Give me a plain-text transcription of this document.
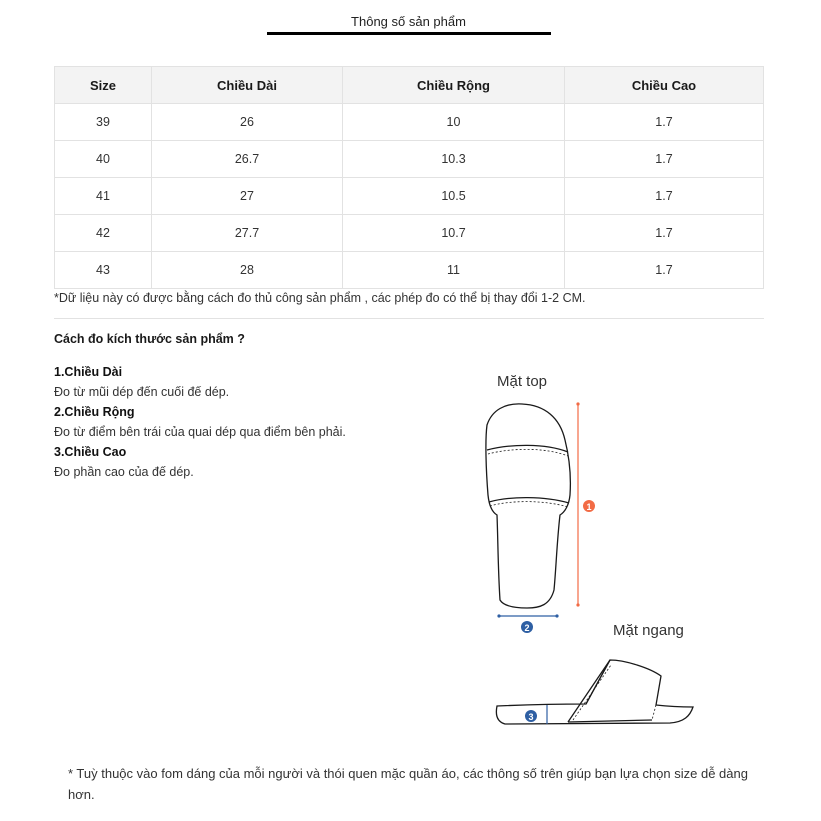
Thông số sản phẩm
Size	Chiều Dài	Chiều Rộng	Chiều Cao
39	26	10	1.7
40	26.7	10.3	1.7
41	27	10.5	1.7
42	27.7	10.7	1.7
43	28	11	1.7
*Dữ liệu này có được bằng cách đo thủ công sản phẩm , các phép đo có thể bị thay đổi 1-2 CM.
Cách đo kích thước sản phẩm ?
1.Chiều Dài
Đo từ mũi dép đến cuối đế dép.
2.Chiều Rộng
Đo từ điểm bên trái của quai dép qua điểm bên phải.
3.Chiều Cao
Đo phần cao của đế dép.
Mặt top
Mặt ngang
1
2
3
* Tuỳ thuộc vào fom dáng của mỗi người và thói quen mặc quần áo, các thông số trên giúp bạn lựa chọn size dễ dàng hơn.
